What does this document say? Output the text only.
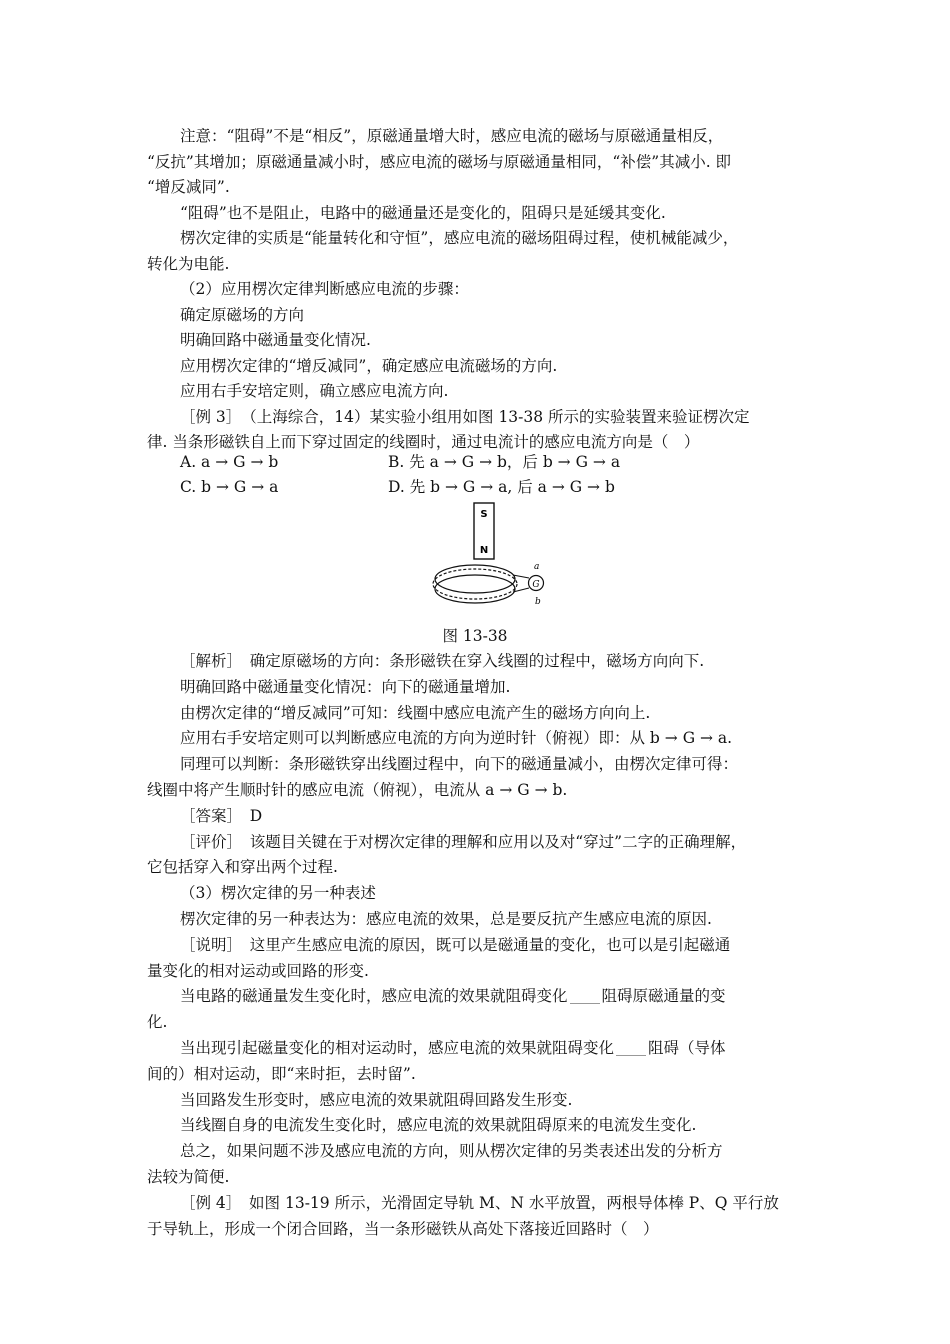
注意：“阻碍”不是“相反”，原磁通量增大时，感应电流的磁场与原磁通量相反，
“反抗”其增加；原磁通量减小时，感应电流的磁场与原磁通量相同，“补偿”其减小. 即
“增反减同”.
“阻碍”也不是阻止，电路中的磁通量还是变化的，阻碍只是延缓其变化.
楞次定律的实质是“能量转化和守恒”，感应电流的磁场阻碍过程，使机械能减少，
转化为电能.
（2）应用楞次定律判断感应电流的步骤：
确定原磁场的方向
明确回路中磁通量变化情况.
应用楞次定律的“增反减同”，确定感应电流磁场的方向.
应用右手安培定则，确立感应电流方向.
［例 3］　（上海综合，14）某实验小组用如图 13-38 所示的实验装置来验证楞次定
律. 当条形磁铁自上而下穿过固定的线圈时，通过电流计的感应电流方向是（　）
A. a → G → b	B. 先 a → G → b，后 b → G → a
C. b → G → a	D. 先 b → G → a, 后 a → G → b
S
N
G
a
b
图 13-38
［解析］　确定原磁场的方向：条形磁铁在穿入线圈的过程中，磁场方向向下.
明确回路中磁通量变化情况：向下的磁通量增加.
由楞次定律的“增反减同”可知：线圈中感应电流产生的磁场方向向上.
应用右手安培定则可以判断感应电流的方向为逆时针（俯视）即：从 b → G → a.
同理可以判断：条形磁铁穿出线圈过程中，向下的磁通量减小，由楞次定律可得：
线圈中将产生顺时针的感应电流（俯视），电流从 a → G → b.
［答案］　D
［评价］　该题目关键在于对楞次定律的理解和应用以及对“穿过”二字的正确理解，
它包括穿入和穿出两个过程.
（3）楞次定律的另一种表述
楞次定律的另一种表达为：感应电流的效果，总是要反抗产生感应电流的原因.
［说明］　这里产生感应电流的原因，既可以是磁通量的变化，也可以是引起磁通
量变化的相对运动或回路的形变.
当电路的磁通量发生变化时，感应电流的效果就阻碍变化 阻碍原磁通量的变
化.
当出现引起磁量变化的相对运动时，感应电流的效果就阻碍变化 阻碍（导体
间的）相对运动，即“来时拒，去时留”.
当回路发生形变时，感应电流的效果就阻碍回路发生形变.
当线圈自身的电流发生变化时，感应电流的效果就阻碍原来的电流发生变化.
总之，如果问题不涉及感应电流的方向，则从楞次定律的另类表述出发的分析方
法较为简便.
［例 4］　如图 13-19 所示，光滑固定导轨 M、N 水平放置，两根导体棒 P、Q 平行放
于导轨上，形成一个闭合回路，当一条形磁铁从高处下落接近回路时（　）
